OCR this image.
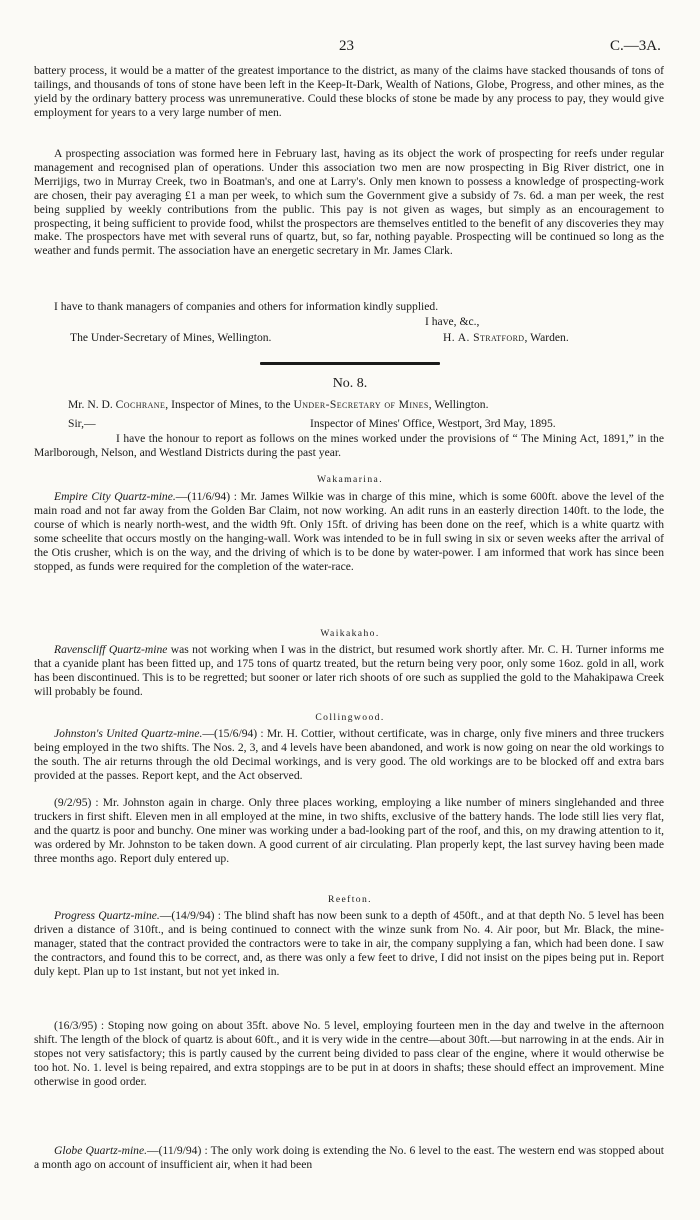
23	C.—3A.

battery process, it would be a matter of the greatest importance to the district, as many of the claims have stacked thousands of tons of tailings, and thousands of tons of stone have been left in the Keep-It-Dark, Wealth of Nations, Globe, Progress, and other mines, as the yield by the ordinary battery process was unremunerative. Could these blocks of stone be made by any process to pay, they would give employment for years to a very large number of men.

A prospecting association was formed here in February last, having as its object the work of prospecting for reefs under regular management and recognised plan of operations. Under this association two men are now prospecting in Big River district, one in Merrijigs, two in Murray Creek, two in Boatman's, and one at Larry's. Only men known to possess a knowledge of prospecting-work are chosen, their pay averaging £1 a man per week, to which sum the Government give a subsidy of 7s. 6d. a man per week, the rest being supplied by weekly contributions from the public. This pay is not given as wages, but simply as an encouragement to prospecting, it being sufficient to provide food, whilst the prospectors are themselves entitled to the benefit of any discoveries they may make. The prospectors have met with several runs of quartz, but, so far, nothing payable. Prospecting will be continued so long as the weather and funds permit. The association have an energetic secretary in Mr. James Clark.

I have to thank managers of companies and others for information kindly supplied.

I have, &c.,

The Under-Secretary of Mines, Wellington.	H. A. Stratford, Warden.

No. 8.

Mr. N. D. Cochrane, Inspector of Mines, to the Under-Secretary of Mines, Wellington.

Sir,—	Inspector of Mines' Office, Westport, 3rd May, 1895.

I have the honour to report as follows on the mines worked under the provisions of “ The Mining Act, 1891,” in the Marlborough, Nelson, and Westland Districts during the past year.

Wakamarina.

Empire City Quartz-mine.—(11/6/94) : Mr. James Wilkie was in charge of this mine, which is some 600ft. above the level of the main road and not far away from the Golden Bar Claim, not now working. An adit runs in an easterly direction 140ft. to the lode, the course of which is nearly north-west, and the width 9ft. Only 15ft. of driving has been done on the reef, which is a white quartz with some scheelite that occurs mostly on the hanging-wall. Work was intended to be in full swing in six or seven weeks after the arrival of the Otis crusher, which is on the way, and the driving of which is to be done by water-power. I am informed that work has since been stopped, as funds were required for the completion of the water-race.

Waikakaho.

Ravenscliff Quartz-mine was not working when I was in the district, but resumed work shortly after. Mr. C. H. Turner informs me that a cyanide plant has been fitted up, and 175 tons of quartz treated, but the return being very poor, only some 16oz. gold in all, work has been discontinued. This is to be regretted; but sooner or later rich shoots of ore such as supplied the gold to the Mahakipawa Creek will probably be found.

Collingwood.

Johnston's United Quartz-mine.—(15/6/94) : Mr. H. Cottier, without certificate, was in charge, only five miners and three truckers being employed in the two shifts. The Nos. 2, 3, and 4 levels have been abandoned, and work is now going on near the old workings to the south. The air returns through the old Decimal workings, and is very good. The old workings are to be blocked off and extra bars provided at the passes. Report kept, and the Act observed.

(9/2/95) : Mr. Johnston again in charge. Only three places working, employing a like number of miners singlehanded and three truckers in first shift. Eleven men in all employed at the mine, in two shifts, exclusive of the battery hands. The lode still lies very flat, and the quartz is poor and bunchy. One miner was working under a bad-looking part of the roof, and this, on my drawing attention to it, was ordered by Mr. Johnston to be taken down. A good current of air circulating. Plan properly kept, the last survey having been made three months ago. Report duly entered up.

Reefton.

Progress Quartz-mine.—(14/9/94) : The blind shaft has now been sunk to a depth of 450ft., and at that depth No. 5 level has been driven a distance of 310ft., and is being continued to connect with the winze sunk from No. 4. Air poor, but Mr. Black, the mine-manager, stated that the contract provided the contractors were to take in air, the company supplying a fan, which had been done. I saw the contractors, and found this to be correct, and, as there was only a few feet to drive, I did not insist on the pipes being put in. Report duly kept. Plan up to 1st instant, but not yet inked in.

(16/3/95) : Stoping now going on about 35ft. above No. 5 level, employing fourteen men in the day and twelve in the afternoon shift. The length of the block of quartz is about 60ft., and it is very wide in the centre—about 30ft.—but narrowing in at the ends. Air in stopes not very satisfactory; this is partly caused by the current being divided to pass clear of the engine, where it would otherwise be too hot. No. 1. level is being repaired, and extra stoppings are to be put in at doors in shafts; these should effect an improvement. Mine otherwise in good order.

Globe Quartz-mine.—(11/9/94) : The only work doing is extending the No. 6 level to the east. The western end was stopped about a month ago on account of insufficient air, when it had been
